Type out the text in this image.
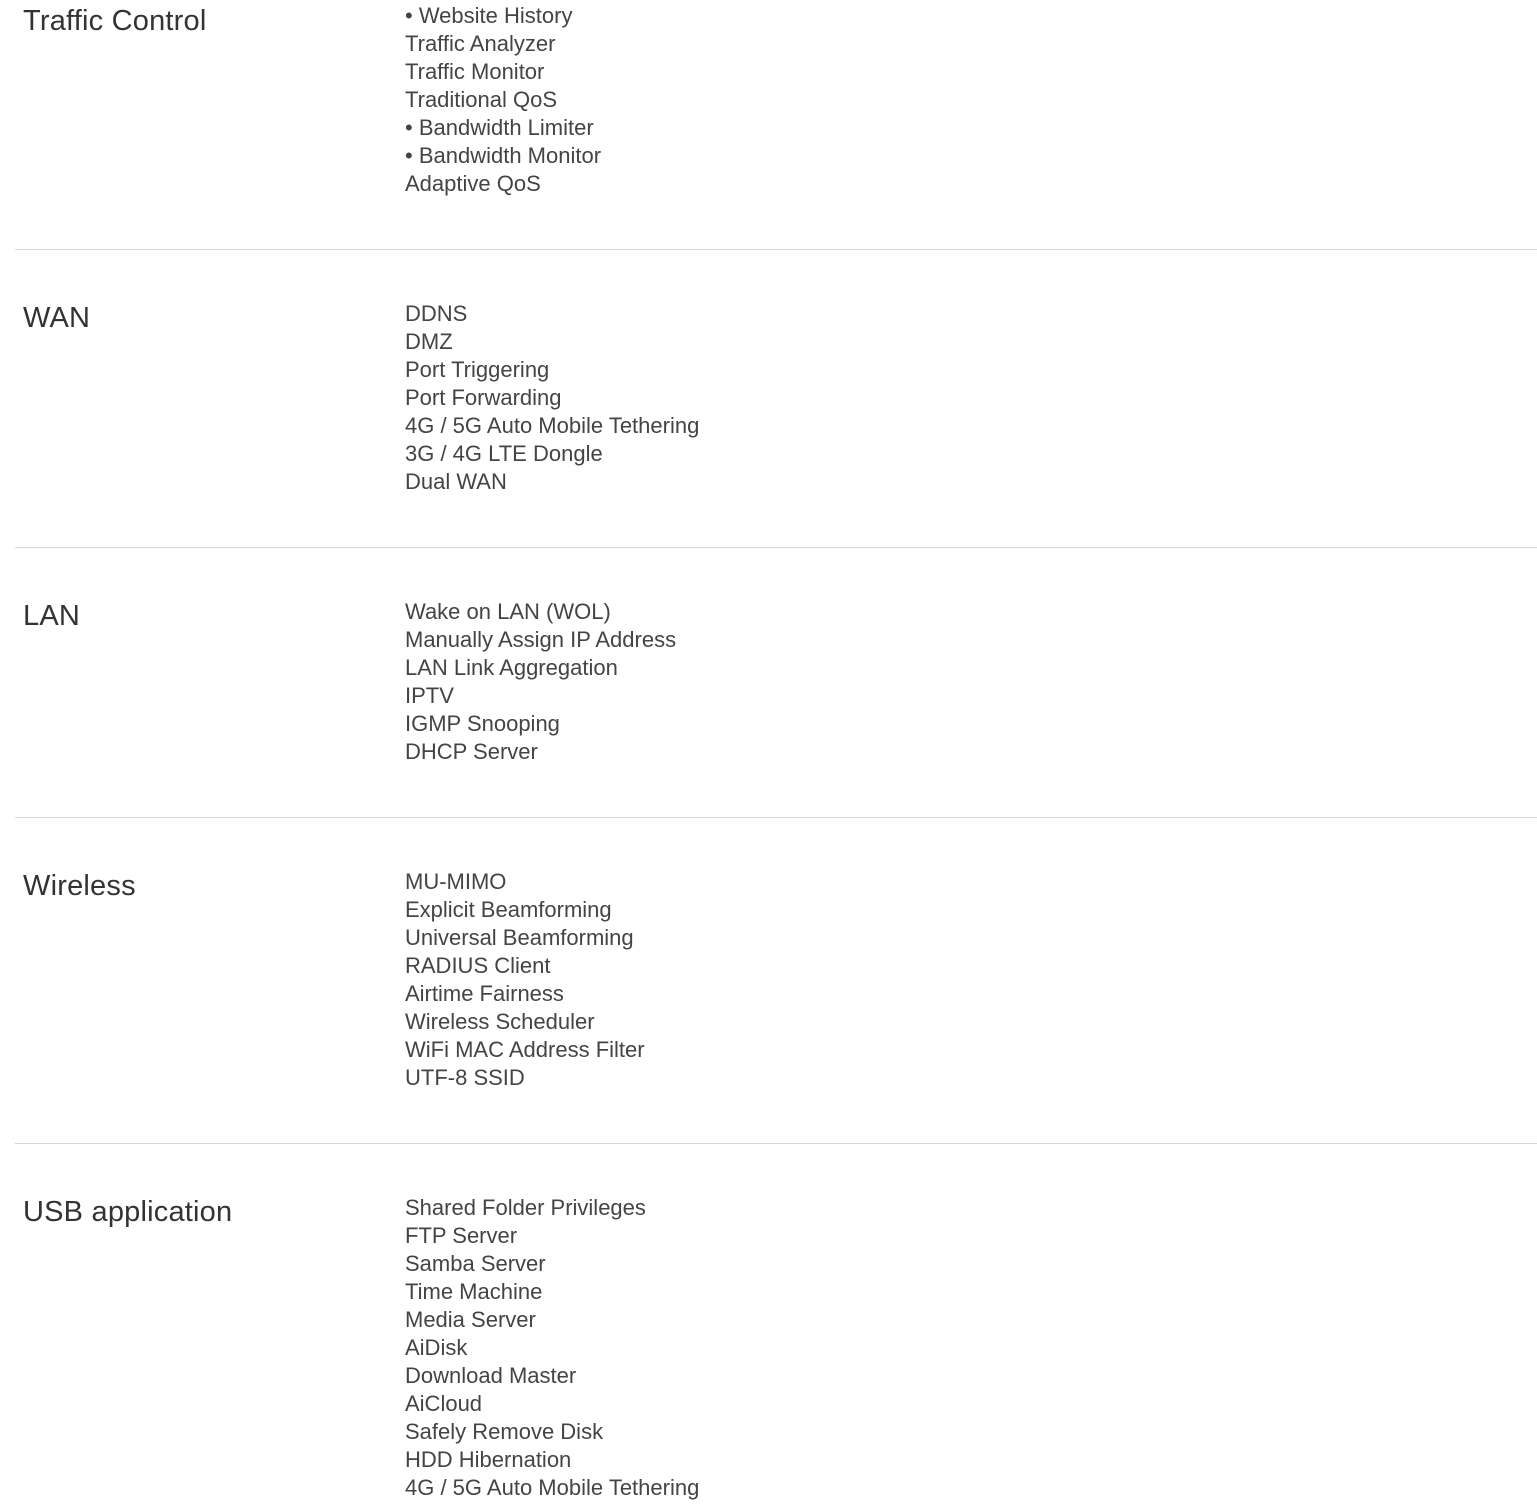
Traffic Control	• Website History
Traffic Analyzer
Traffic Monitor
Traditional QoS
• Bandwidth Limiter
• Bandwidth Monitor
Adaptive QoS
WAN	DDNS
DMZ
Port Triggering
Port Forwarding
4G / 5G Auto Mobile Tethering
3G / 4G LTE Dongle
Dual WAN
LAN	Wake on LAN (WOL)
Manually Assign IP Address
LAN Link Aggregation
IPTV
IGMP Snooping
DHCP Server
Wireless	MU-MIMO
Explicit Beamforming
Universal Beamforming
RADIUS Client
Airtime Fairness
Wireless Scheduler
WiFi MAC Address Filter
UTF-8 SSID
USB application	Shared Folder Privileges
FTP Server
Samba Server
Time Machine
Media Server
AiDisk
Download Master
AiCloud
Safely Remove Disk
HDD Hibernation
4G / 5G Auto Mobile Tethering
